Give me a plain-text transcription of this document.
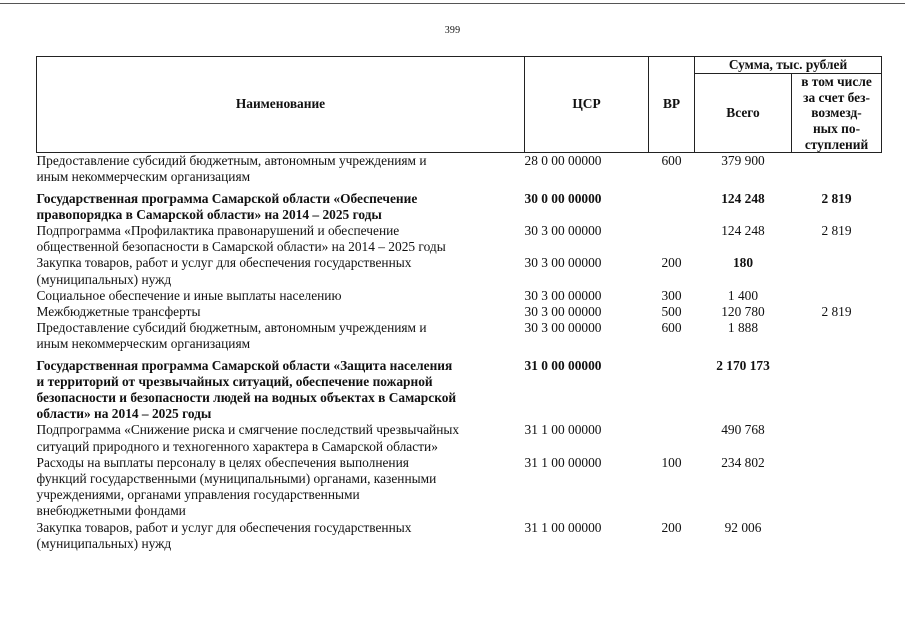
399
Наименование	ЦСР	ВР	Сумма, тыс. рублей	
			Всего	в том числе
за счет без-
возмезд-
ных по-
ступлений

Предоставление субсидий бюджетным, автономным учреждениям и
иным некоммерческим организациям	28 0 00 00000	600	379 900	

Государственная программа Самарской области «Обеспечение
правопорядка в Самарской области» на 2014 – 2025 годы	30 0 00 00000		124 248	2 819

Подпрограмма «Профилактика правонарушений и обеспечение
общественной безопасности в Самарской области» на 2014 – 2025 годы	30 3 00 00000		124 248	2 819

Закупка товаров, работ и услуг для обеспечения государственных
(муниципальных) нужд	30 3 00 00000	200	180	

Социальное обеспечение и иные выплаты населению	30 3 00 00000	300	1 400	

Межбюджетные трансферты	30 3 00 00000	500	120 780	2 819

Предоставление субсидий бюджетным, автономным учреждениям и
иным некоммерческим организациям	30 3 00 00000	600	1 888	

Государственная программа Самарской области «Защита населения
и территорий от чрезвычайных ситуаций, обеспечение пожарной
безопасности и безопасности людей на водных объектах в Самарской
области» на 2014 – 2025 годы	31 0 00 00000		2 170 173	

Подпрограмма «Снижение риска и смягчение последствий чрезвычайных
ситуаций природного и техногенного характера в Самарской области»	31 1 00 00000		490 768	

Расходы на выплаты персоналу в целях обеспечения выполнения
функций государственными (муниципальными) органами, казенными
учреждениями, органами управления государственными
внебюджетными фондами	31 1 00 00000	100	234 802	

Закупка товаров, работ и услуг для обеспечения государственных
(муниципальных) нужд	31 1 00 00000	200	92 006	
